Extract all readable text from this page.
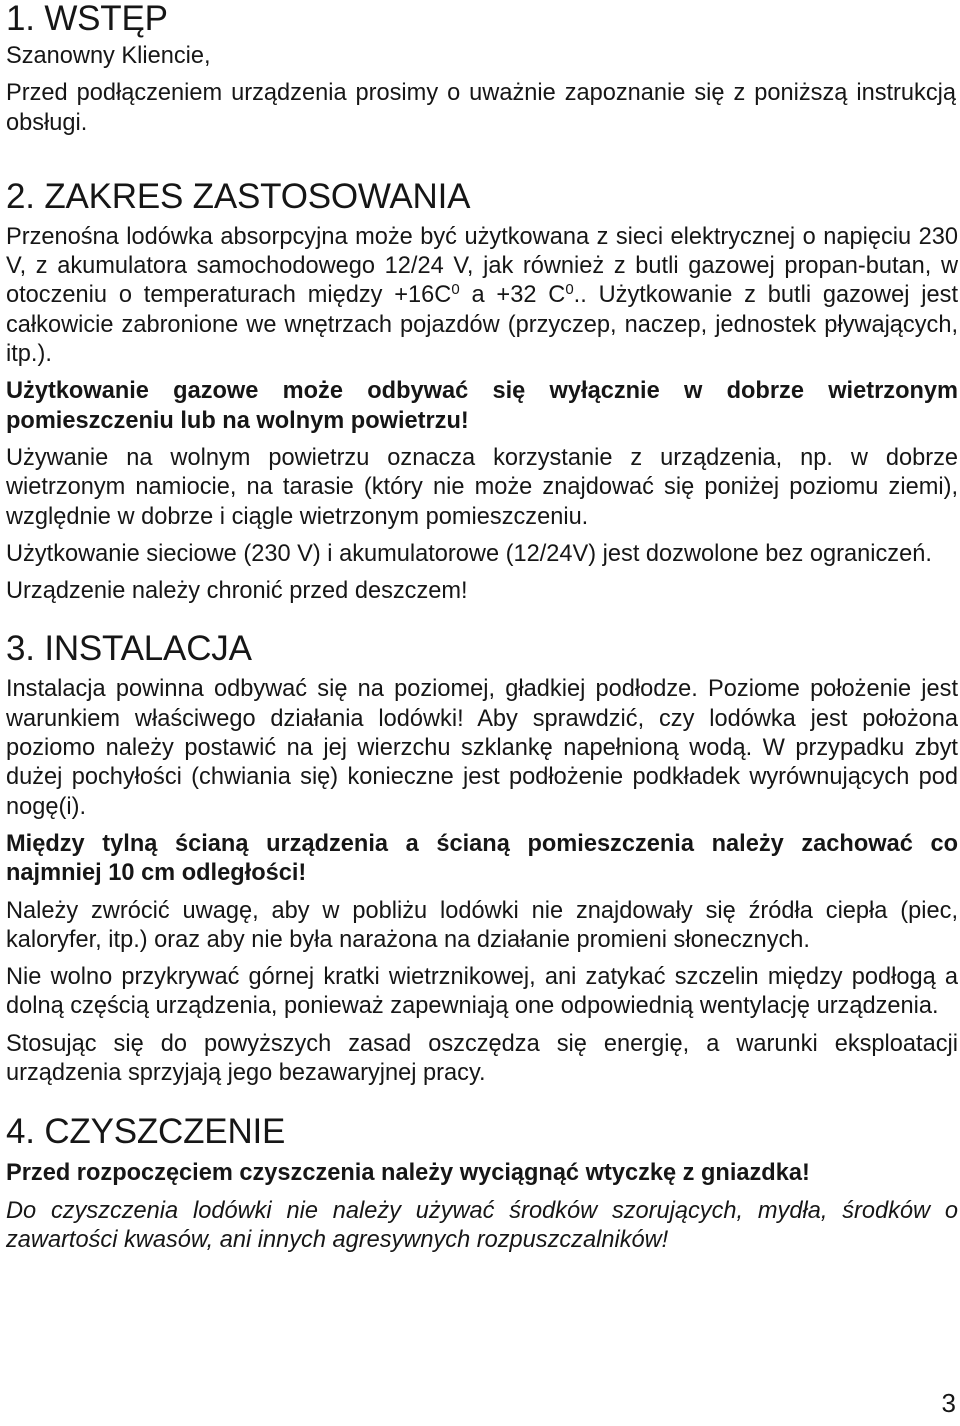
1. WSTĘP

Szanowny Kliencie,

Przed podłączeniem urządzenia prosimy o uważnie zapoznanie się z poniższą instrukcją obsługi.

2. ZAKRES ZASTOSOWANIA

Przenośna lodówka absorpcyjna może być użytkowana z sieci elektrycznej o napięciu 230 V, z akumulatora samochodowego 12/24 V, jak również z butli gazowej propan-butan, w otoczeniu o temperaturach między $+16C^0$ a +32 $C^0$.. Użytkowanie z butli gazowej jest całkowicie zabronione we wnętrzach pojazdów (przyczep, naczep, jednostek pływających, itp.).

Użytkowanie gazowe może odbywać się wyłącznie w dobrze wietrzonym pomieszczeniu lub na wolnym powietrzu!

Używanie na wolnym powietrzu oznacza korzystanie z urządzenia, np. w dobrze wietrzonym namiocie, na tarasie (który nie może znajdować się poniżej poziomu ziemi), względnie w dobrze i ciągle wietrzonym pomieszczeniu.

Użytkowanie sieciowe (230 V) i akumulatorowe (12/24V) jest dozwolone bez ograniczeń.

Urządzenie należy chronić przed deszczem!

3. INSTALACJA

Instalacja powinna odbywać się na poziomej, gładkiej podłodze. Poziome położenie jest warunkiem właściwego działania lodówki! Aby sprawdzić, czy lodówka jest położona poziomo należy postawić na jej wierzchu szklankę napełnioną wodą. W przypadku zbyt dużej pochyłości (chwiania się) konieczne jest podłożenie podkładek wyrównujących pod nogę(i).

Między tylną ścianą urządzenia a ścianą pomieszczenia należy zachować co najmniej 10 cm odległości!

Należy zwrócić uwagę, aby w pobliżu lodówki nie znajdowały się źródła ciepła (piec, kaloryfer, itp.) oraz aby nie była narażona na działanie promieni słonecznych.

Nie wolno przykrywać górnej kratki wietrznikowej, ani zatykać szczelin między podłogą a dolną częścią urządzenia, ponieważ zapewniają one odpowiednią wentylację urządzenia.

Stosując się do powyższych zasad oszczędza się energię, a warunki eksploatacji urządzenia sprzyjają jego bezawaryjnej pracy.

4. CZYSZCZENIE

Przed rozpoczęciem czyszczenia należy wyciągnąć wtyczkę z gniazdka!

Do czyszczenia lodówki nie należy używać środków szorujących, mydła, środków o zawartości kwasów, ani innych agresywnych rozpuszczalników!

3
